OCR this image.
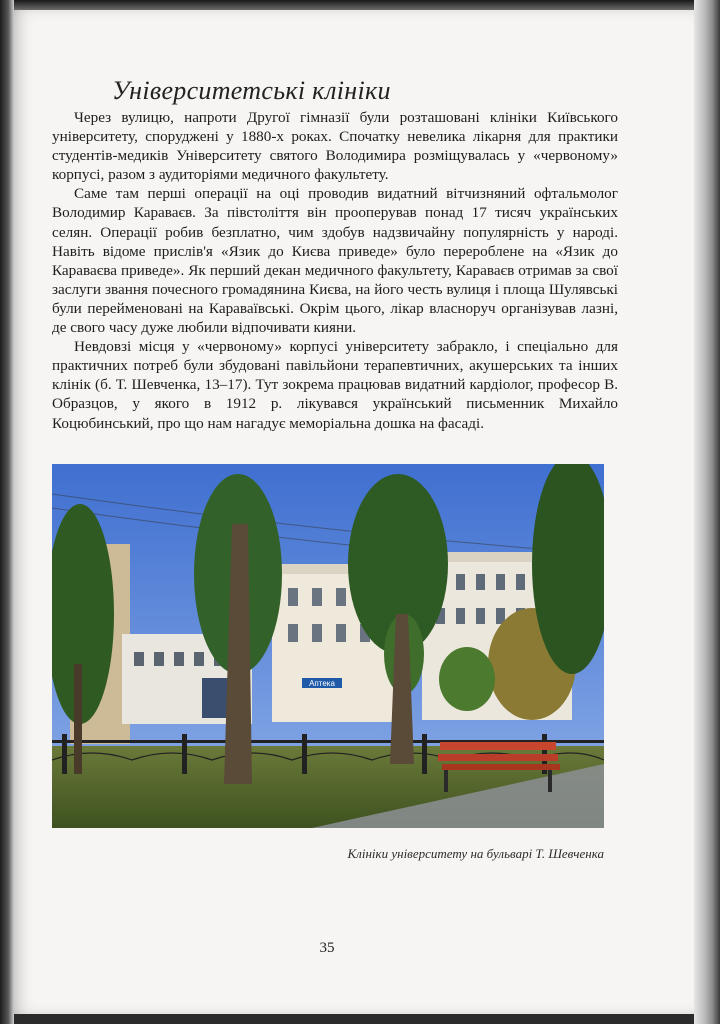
Університетські клініки

Через вулицю, напроти Другої гімназії були розташовані клініки Київського університету, споруджені у 1880-х роках. Спочатку невелика лікарня для практики студентів-медиків Університету святого Володимира розміщувалась у «червоному» корпусі, разом з аудиторіями медичного факультету.

Саме там перші операції на оці проводив видатний вітчизняний офтальмолог Володимир Караваєв. За півстоліття він прооперував понад 17 тисяч українських селян. Операції робив безплатно, чим здобув надзвичайну популярність у народі. Навіть відоме прислів'я «Язик до Києва приведе» було перероблене на «Язик до Караваєва приведе». Як перший декан медичного факультету, Караваєв отримав за свої заслуги звання почесного громадянина Києва, на його честь вулиця і площа Шулявські були перейменовані на Караваївські. Окрім цього, лікар власноруч організував лазні, де свого часу дуже любили відпочивати кияни.

Невдовзі місця у «червоному» корпусі університету забракло, і спеціально для практичних потреб були збудовані павільйони терапевтичних, акушерських та інших клінік (б. Т. Шевченка, 13–17). Тут зокрема працював видатний кардіолог, професор В. Образцов, у якого в 1912 р. лікувався український письменник Михайло Коцюбинський, про що нам нагадує меморіальна дошка на фасаді.

Аптека
Клініки університету на бульварі Т. Шевченка
35
